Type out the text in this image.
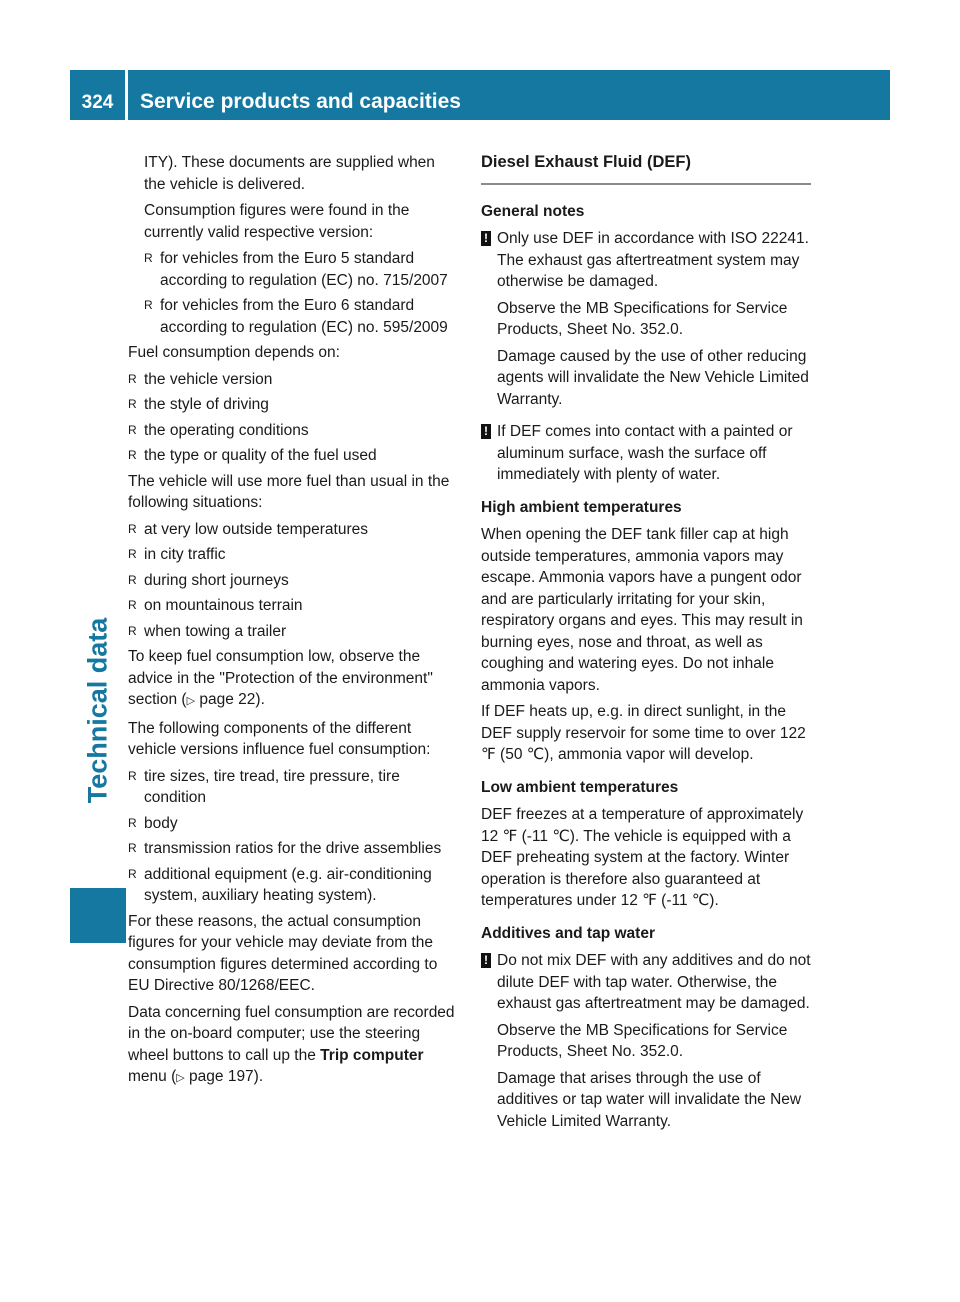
324	Service products and capacities
Technical data

ITY). These documents are supplied when the vehicle is delivered.

Consumption figures were found in the currently valid respective version:

R for vehicles from the Euro 5 standard according to regulation (EC) no. 715/2007
R for vehicles from the Euro 6 standard according to regulation (EC) no. 595/2009

Fuel consumption depends on:

R the vehicle version
R the style of driving
R the operating conditions
R the type or quality of the fuel used

The vehicle will use more fuel than usual in the following situations:

R at very low outside temperatures
R in city traffic
R during short journeys
R on mountainous terrain
R when towing a trailer

To keep fuel consumption low, observe the advice in the "Protection of the environment" section (▷ page 22).

The following components of the different vehicle versions influence fuel consumption:

R tire sizes, tire tread, tire pressure, tire condition
R body
R transmission ratios for the drive assemblies
R additional equipment (e.g. air-conditioning system, auxiliary heating system).

For these reasons, the actual consumption figures for your vehicle may deviate from the consumption figures determined according to EU Directive 80/1268/EEC.

Data concerning fuel consumption are recorded in the on-board computer; use the steering wheel buttons to call up the Trip computer menu (▷ page 197).

Diesel Exhaust Fluid (DEF)

General notes

! Only use DEF in accordance with ISO 22241. The exhaust gas aftertreatment system may otherwise be damaged.

Observe the MB Specifications for Service Products, Sheet No. 352.0.

Damage caused by the use of other reducing agents will invalidate the New Vehicle Limited Warranty.

! If DEF comes into contact with a painted or aluminum surface, wash the surface off immediately with plenty of water.

High ambient temperatures

When opening the DEF tank filler cap at high outside temperatures, ammonia vapors may escape. Ammonia vapors have a pungent odor and are particularly irritating for your skin, respiratory organs and eyes. This may result in burning eyes, nose and throat, as well as coughing and watering eyes. Do not inhale ammonia vapors.

If DEF heats up, e.g. in direct sunlight, in the DEF supply reservoir for some time to over 122 ℉ (50 ℃), ammonia vapor will develop.

Low ambient temperatures

DEF freezes at a temperature of approximately 12 ℉ (‑11 ℃). The vehicle is equipped with a DEF preheating system at the factory. Winter operation is therefore also guaranteed at temperatures under 12 ℉ (‑11 ℃).

Additives and tap water

! Do not mix DEF with any additives and do not dilute DEF with tap water. Otherwise, the exhaust gas aftertreatment may be damaged.

Observe the MB Specifications for Service Products, Sheet No. 352.0.

Damage that arises through the use of additives or tap water will invalidate the New Vehicle Limited Warranty.
